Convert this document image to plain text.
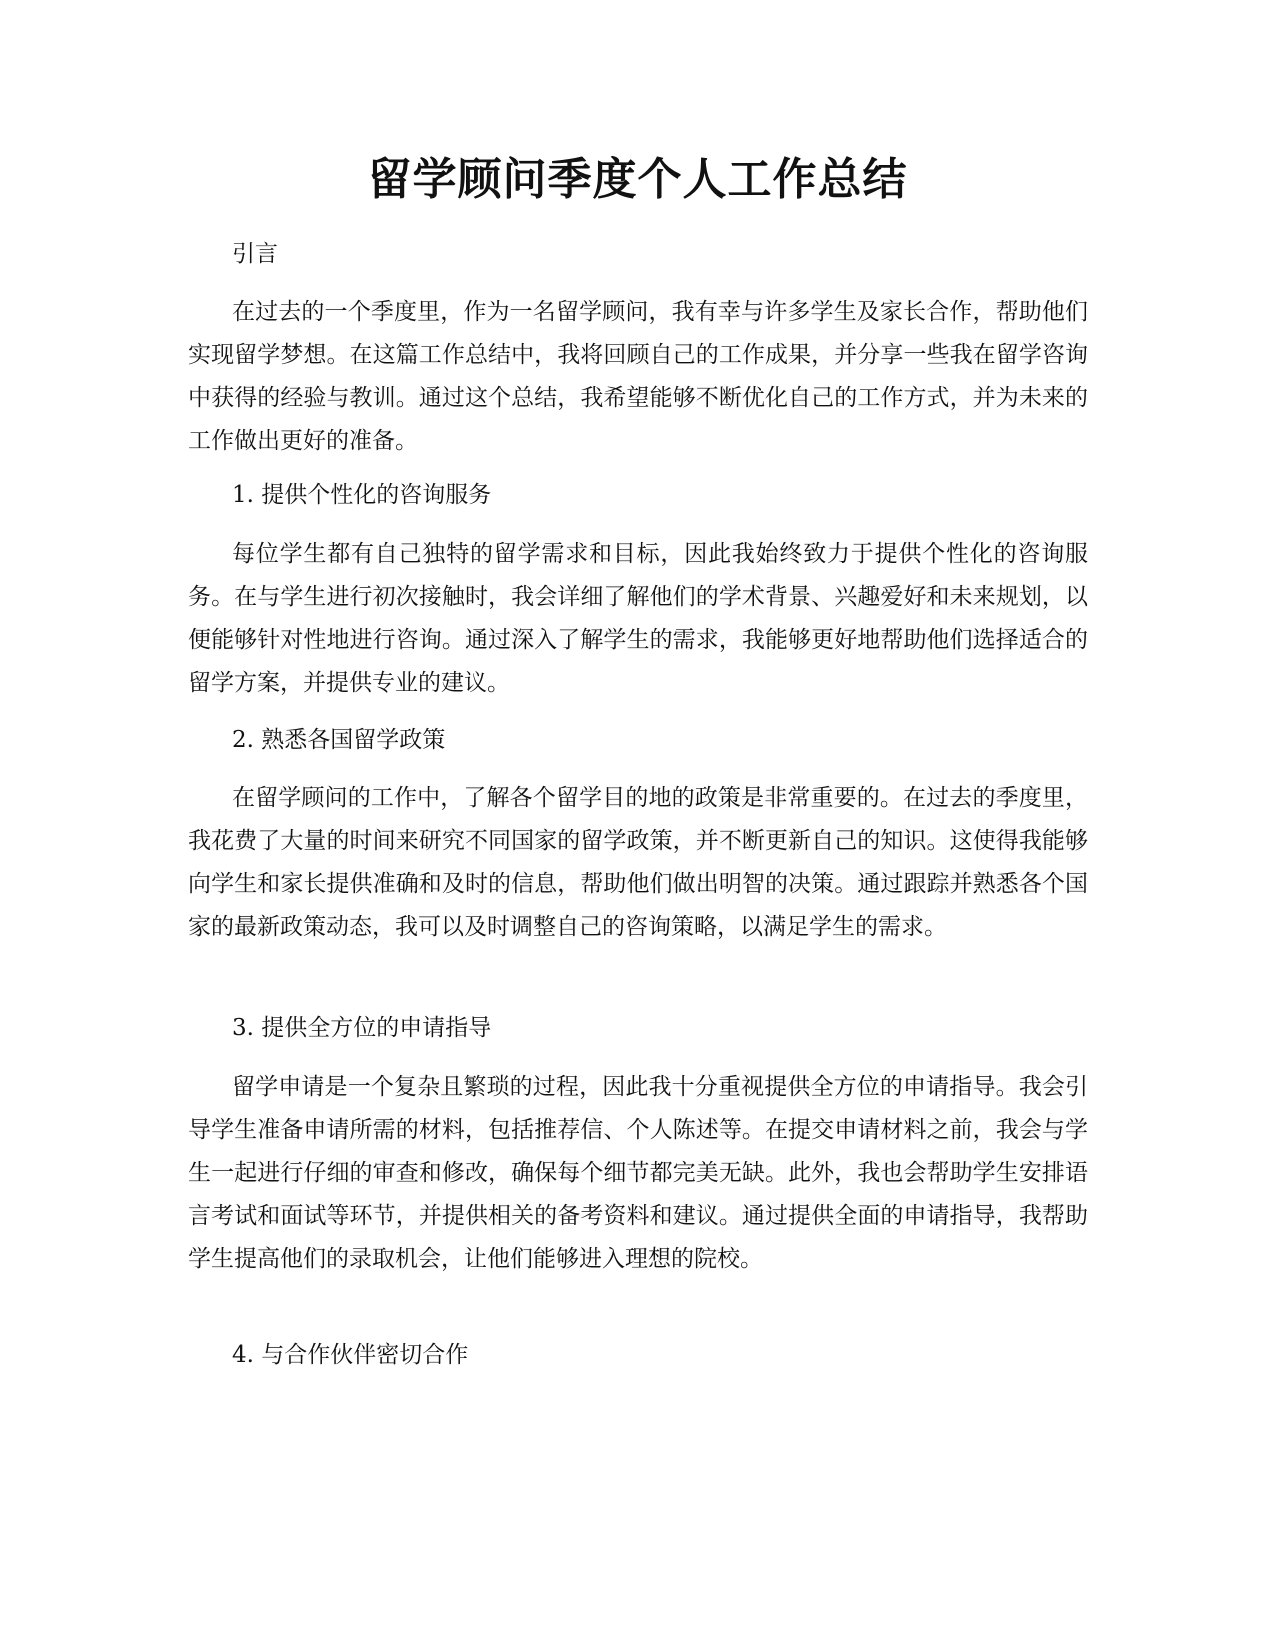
留学顾问季度个人工作总结

引言

在过去的一个季度里，作为一名留学顾问，我有幸与许多学生及家长合作，帮助他们实现留学梦想。在这篇工作总结中，我将回顾自己的工作成果，并分享一些我在留学咨询中获得的经验与教训。通过这个总结，我希望能够不断优化自己的工作方式，并为未来的工作做出更好的准备。

1. 提供个性化的咨询服务

每位学生都有自己独特的留学需求和目标，因此我始终致力于提供个性化的咨询服务。在与学生进行初次接触时，我会详细了解他们的学术背景、兴趣爱好和未来规划，以便能够针对性地进行咨询。通过深入了解学生的需求，我能够更好地帮助他们选择适合的留学方案，并提供专业的建议。

2. 熟悉各国留学政策

在留学顾问的工作中，了解各个留学目的地的政策是非常重要的。在过去的季度里，我花费了大量的时间来研究不同国家的留学政策，并不断更新自己的知识。这使得我能够向学生和家长提供准确和及时的信息，帮助他们做出明智的决策。通过跟踪并熟悉各个国家的最新政策动态，我可以及时调整自己的咨询策略，以满足学生的需求。

3. 提供全方位的申请指导

留学申请是一个复杂且繁琐的过程，因此我十分重视提供全方位的申请指导。我会引导学生准备申请所需的材料，包括推荐信、个人陈述等。在提交申请材料之前，我会与学生一起进行仔细的审查和修改，确保每个细节都完美无缺。此外，我也会帮助学生安排语言考试和面试等环节，并提供相关的备考资料和建议。通过提供全面的申请指导，我帮助学生提高他们的录取机会，让他们能够进入理想的院校。

4. 与合作伙伴密切合作
